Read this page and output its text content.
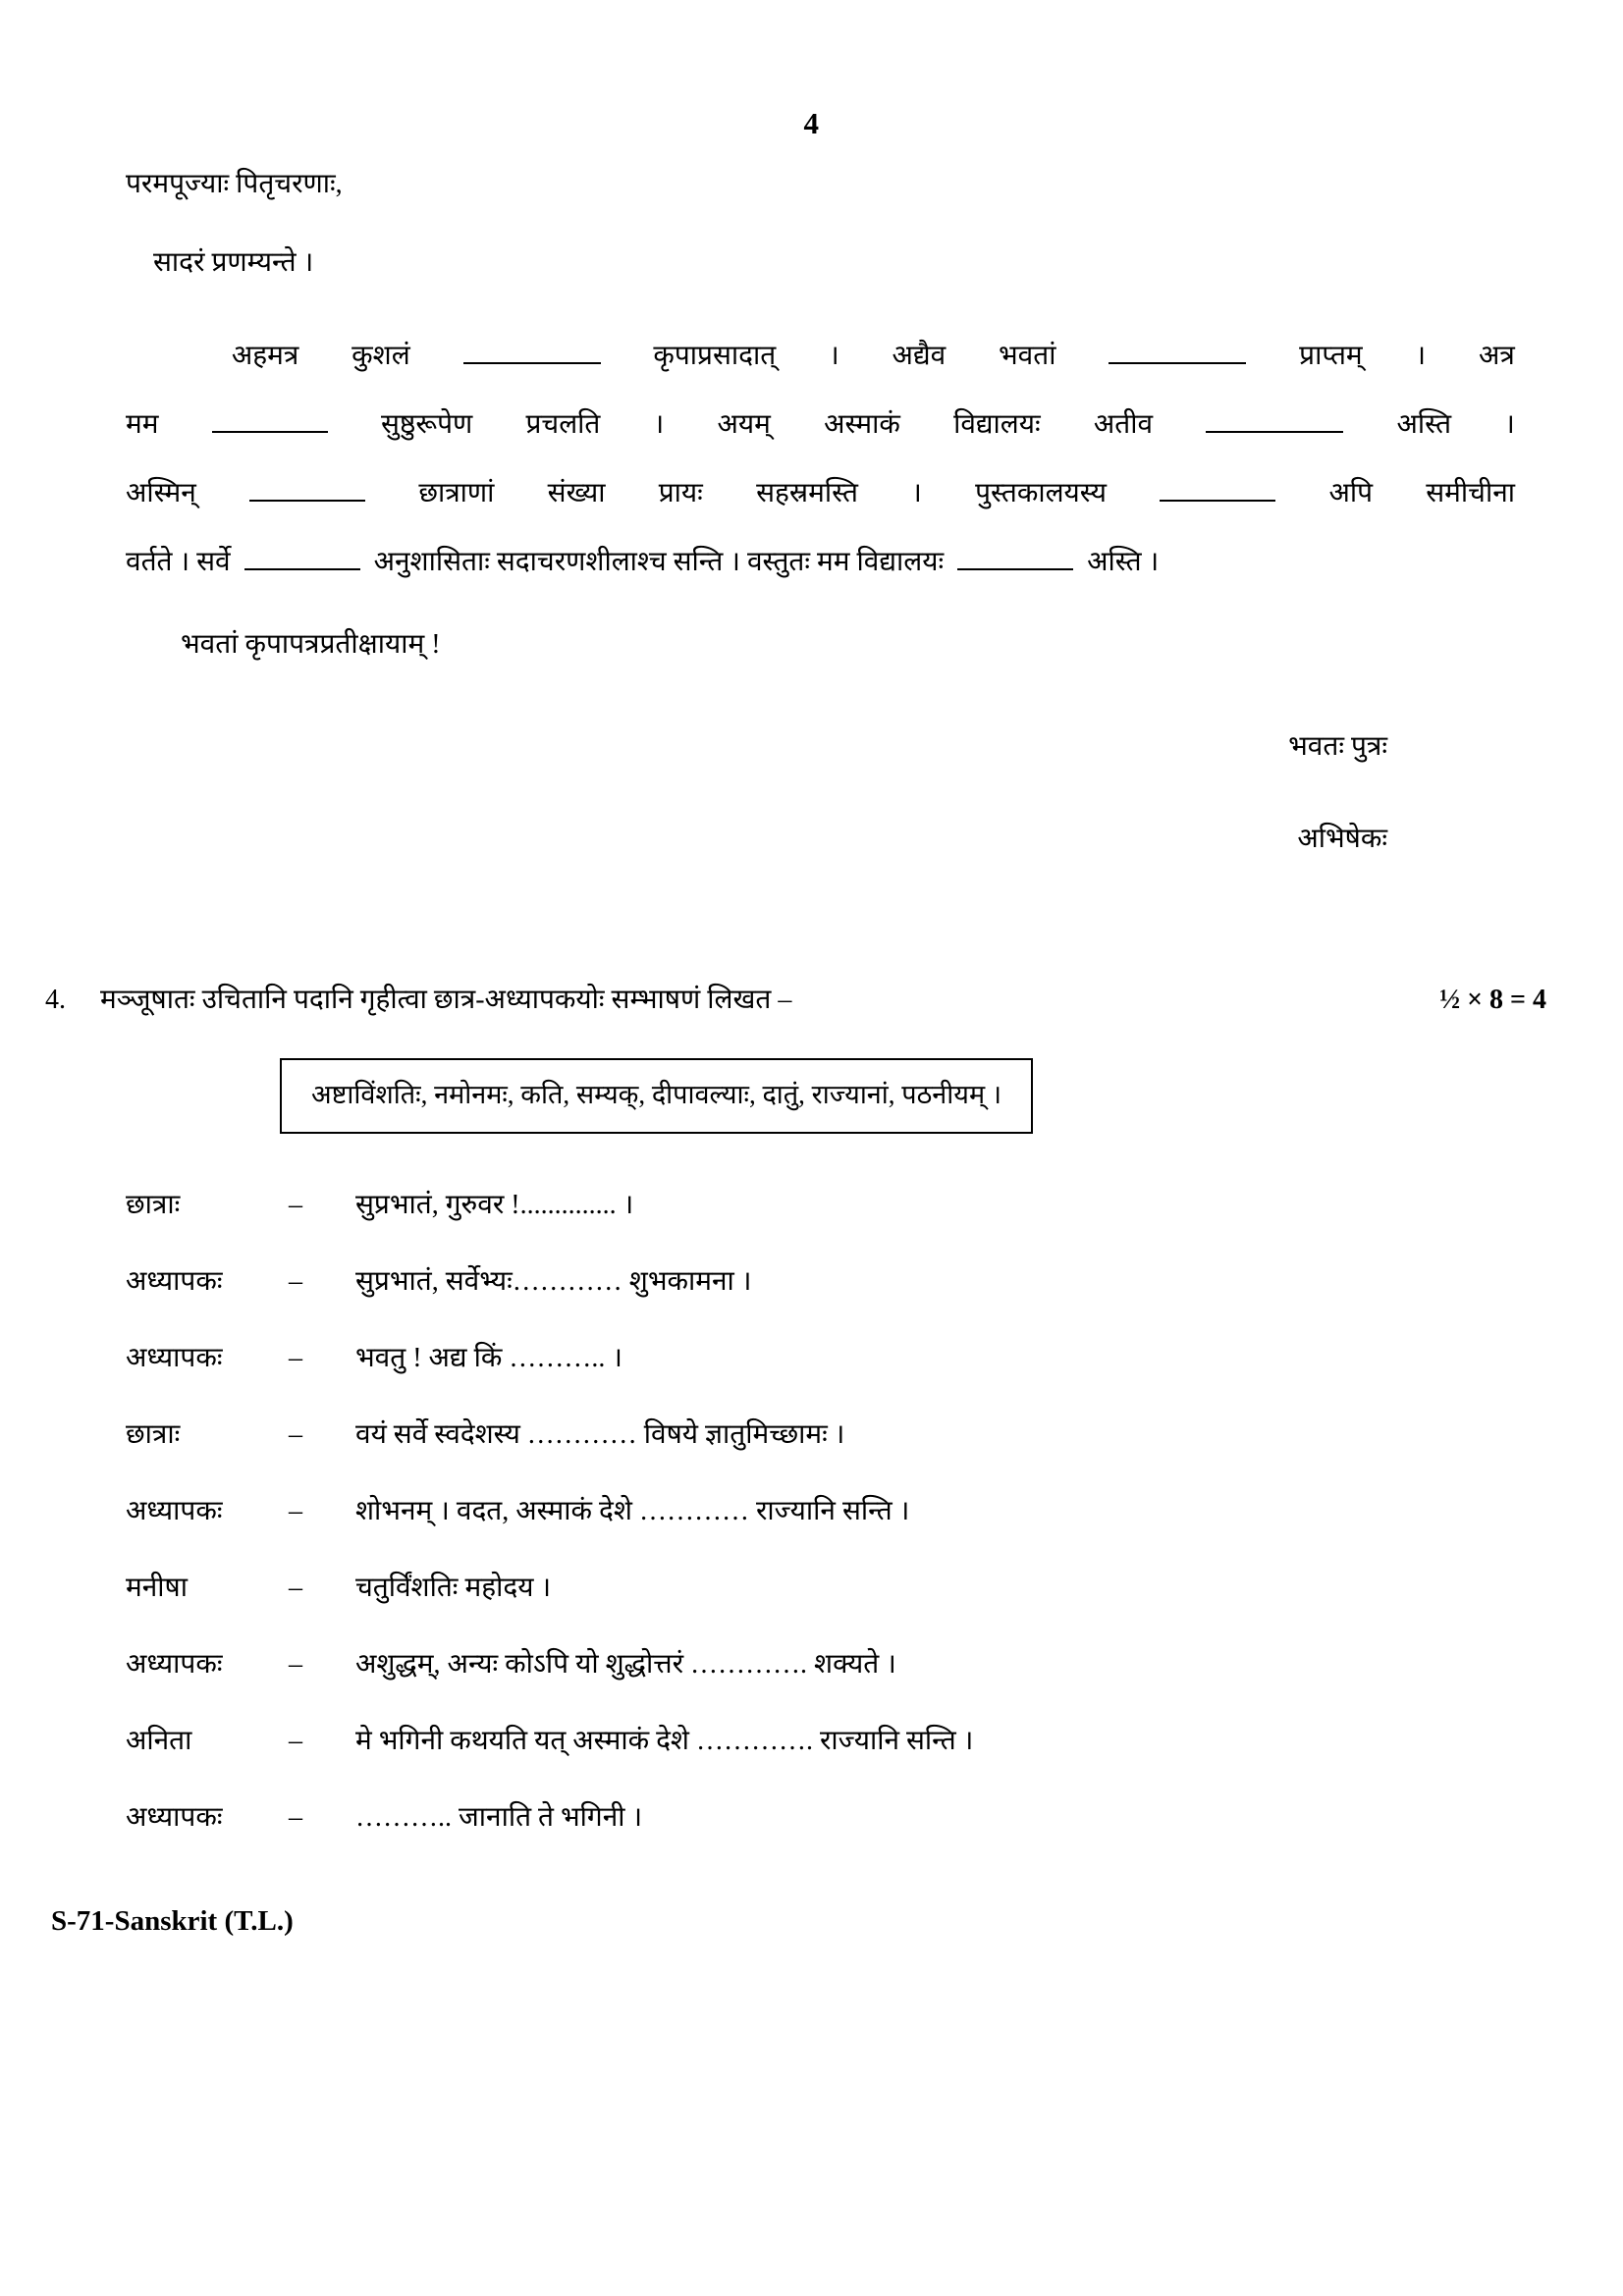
4
परमपूज्याः पितृचरणाः,
सादरं प्रणम्यन्ते ।
अहमत्र कुशलं	कृपाप्रसादात् । अद्यैव भवतां	प्राप्तम् । अत्र
मम	सुष्ठुरूपेण प्रचलति । अयम् अस्माकं विद्यालयः अतीव	अस्ति ।
अस्मिन्	छात्राणां संख्या प्रायः सहस्रमस्ति । पुस्तकालयस्य	अपि समीचीना
वर्तते । सर्वे	अनुशासिताः सदाचरणशीलाश्च सन्ति । वस्तुतः मम विद्यालयः	अस्ति ।
भवतां कृपापत्रप्रतीक्षायाम् !
भवतः पुत्रः
अभिषेकः
4.	मञ्जूषातः उचितानि पदानि गृहीत्वा छात्र-अध्यापकयोः सम्भाषणं लिखत –	½ × 8 = 4
अष्टाविंशतिः, नमोनमः, कति, सम्यक्, दीपावल्याः, दातुं, राज्यानां, पठनीयम् ।
छात्राः	–	सुप्रभातं, गुरुवर !.............. ।
अध्यापकः	–	सुप्रभातं, सर्वेभ्यः………… शुभकामना ।
अध्यापकः	–	भवतु ! अद्य किं ……….. ।
छात्राः	–	वयं सर्वे स्वदेशस्य ………… विषये ज्ञातुमिच्छामः ।
अध्यापकः	–	शोभनम् । वदत, अस्माकं देशे ………… राज्यानि सन्ति ।
मनीषा	–	चतुर्विंशतिः महोदय ।
अध्यापकः	–	अशुद्धम्, अन्यः कोऽपि यो शुद्धोत्तरं …………. शक्यते ।
अनिता	–	मे भगिनी कथयति यत् अस्माकं देशे …………. राज्यानि सन्ति ।
अध्यापकः	–	……….. जानाति ते भगिनी ।
S-71-Sanskrit (T.L.)
